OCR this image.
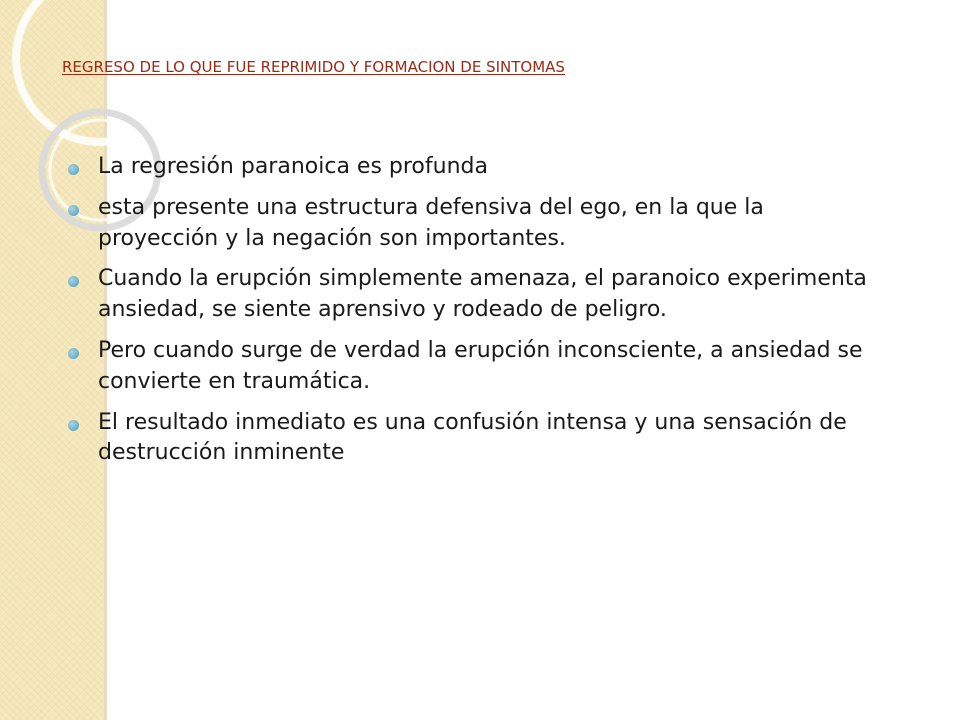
REGRESO DE LO QUE FUE REPRIMIDO Y FORMACION DE SINTOMAS
La regresión paranoica es profunda
esta presente una estructura defensiva del ego, en la que la proyección y la negación son importantes.
Cuando la erupción simplemente amenaza, el paranoico experimenta ansiedad, se siente aprensivo y rodeado de peligro.
Pero cuando surge de verdad la erupción inconsciente, a ansiedad se convierte en traumática.
El resultado inmediato es una confusión intensa y una sensación de destrucción inminente
